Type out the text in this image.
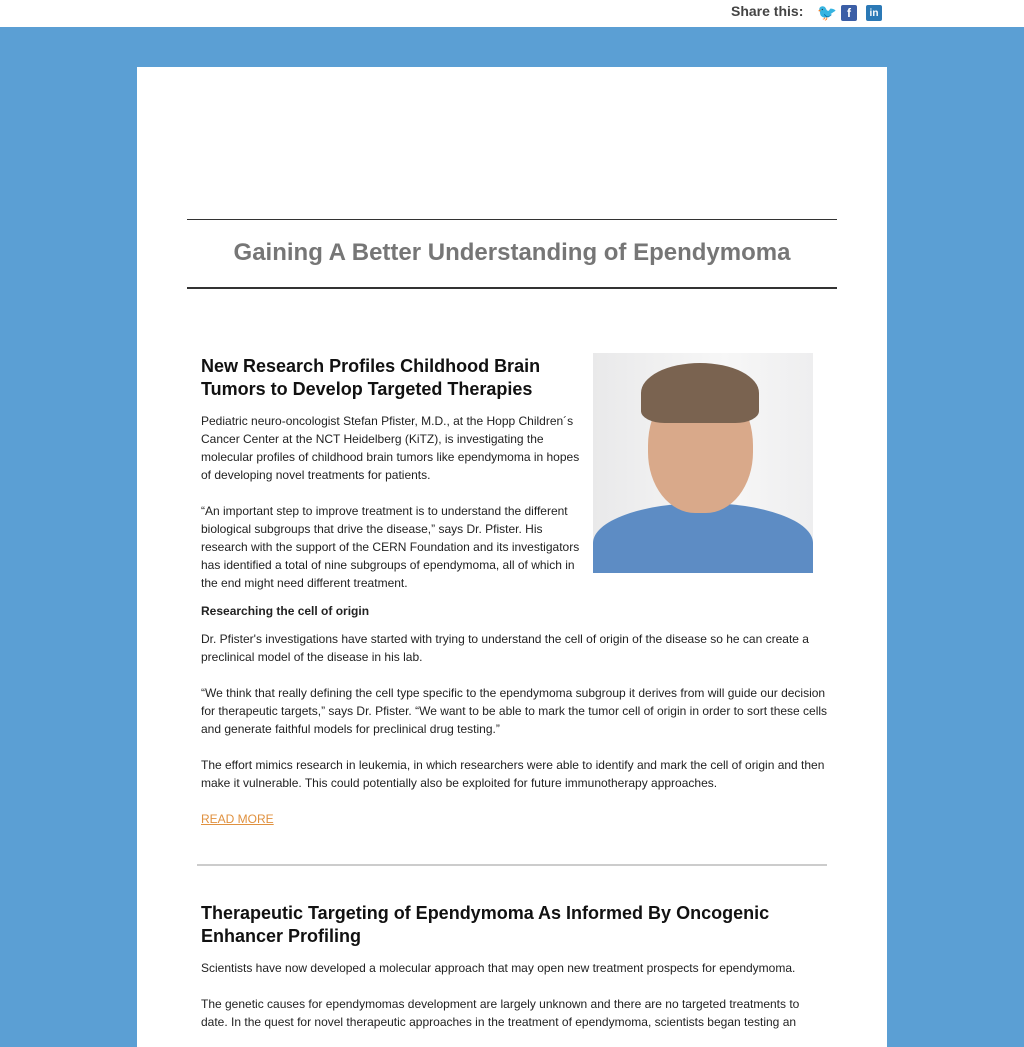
Share this: 🐦 f	in
Gaining A Better Understanding of Ependymoma
New Research Profiles Childhood Brain Tumors to Develop Targeted Therapies

Pediatric neuro-oncologist Stefan Pfister, M.D., at the Hopp Children´s Cancer Center at the NCT Heidelberg (KiTZ), is investigating the molecular profiles of childhood brain tumors like ependymoma in hopes of developing novel treatments for patients.

“An important step to improve treatment is to understand the different biological subgroups that drive the disease,” says Dr. Pfister. His research with the support of the CERN Foundation and its investigators has identified a total of nine subgroups of ependymoma, all of which in the end might need different treatment.

Researching the cell of origin

Dr. Pfister's investigations have started with trying to understand the cell of origin of the disease so he can create a preclinical model of the disease in his lab.

“We think that really defining the cell type specific to the ependymoma subgroup it derives from will guide our decision for therapeutic targets,” says Dr. Pfister. “We want to be able to mark the tumor cell of origin in order to sort these cells and generate faithful models for preclinical drug testing.”

The effort mimics research in leukemia, in which researchers were able to identify and mark the cell of origin and then make it vulnerable. This could potentially also be exploited for future immunotherapy approaches.

READ MORE
Therapeutic Targeting of Ependymoma As Informed By Oncogenic Enhancer Profiling

Scientists have now developed a molecular approach that may open new treatment prospects for ependymoma.

The genetic causes for ependymomas development are largely unknown and there are no targeted treatments to date. In the quest for novel therapeutic approaches in the treatment of ependymoma, scientists began testing an
